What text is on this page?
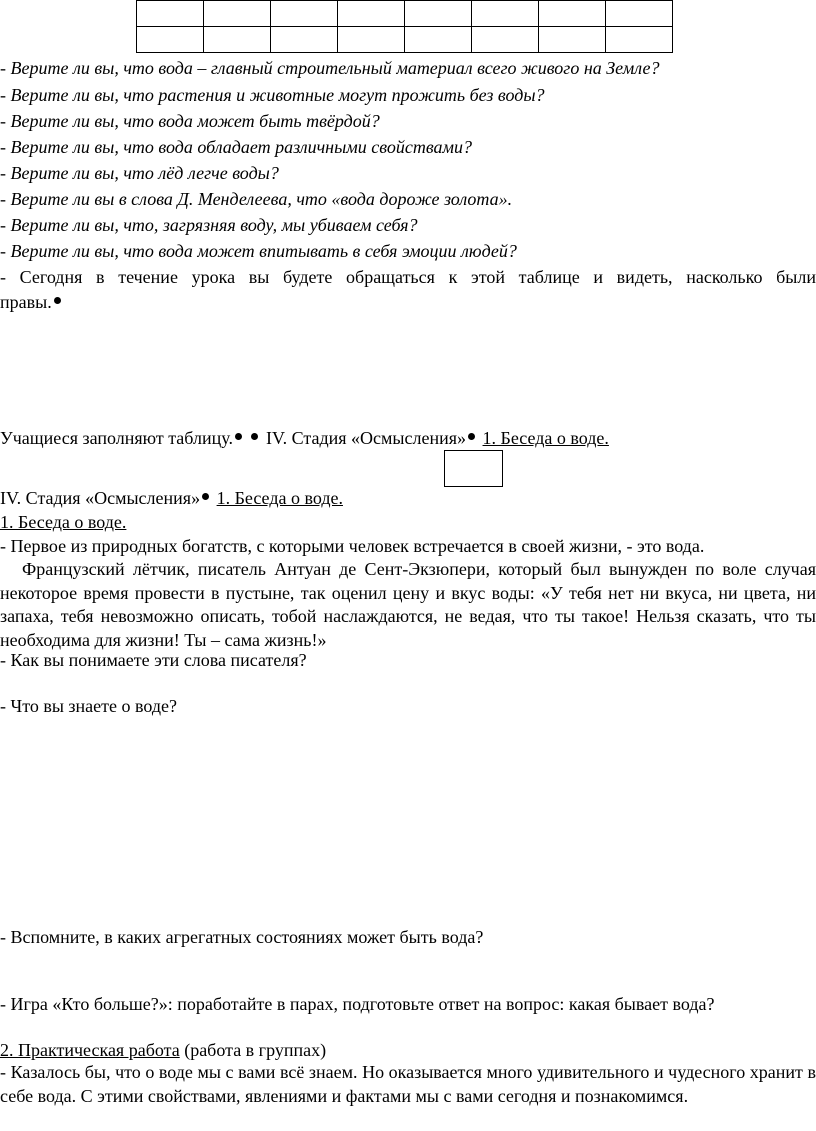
- Верите ли вы, что вода – главный строительный материал всего живого на Земле?
- Верите ли вы, что растения и животные могут прожить без воды?
- Верите ли вы, что вода может быть твёрдой?
- Верите ли вы, что вода обладает различными свойствами?
- Верите ли вы, что лёд легче воды?
- Верите ли вы в слова Д. Менделеева, что «вода дороже золота».
- Верите ли вы, что, загрязняя воду, мы убиваем себя?
- Верите ли вы, что вода может впитывать в себя эмоции людей?
- Сегодня в течение урока вы будете обращаться к этой таблице и видеть, насколько были
правы.
Учащиеся заполняют таблицу. IV. Стадия «Осмысления» 1. Беседа о воде.
IV. Стадия «Осмысления» 1. Беседа о воде.
1. Беседа о воде.
- Первое из природных богатств, с которыми человек встречается в своей жизни, - это вода.
Французский лётчик, писатель Антуан де Сент-Экзюпери, который был вынужден по воле случая некоторое время провести в пустыне, так оценил цену и вкус воды: «У тебя нет ни вкуса, ни цвета, ни запаха, тебя невозможно описать, тобой наслаждаются, не ведая, что ты такое! Нельзя сказать, что ты необходима для жизни! Ты – сама жизнь!»
- Как вы понимаете эти слова писателя?
- Что вы знаете о воде?
- Вспомните, в каких агрегатных состояниях может быть вода?
- Игра «Кто больше?»: поработайте в парах, подготовьте ответ на вопрос: какая бывает вода?
2. Практическая работа (работа в группах)
- Казалось бы, что о воде мы с вами всё знаем. Но оказывается много удивительного и чудесного хранит в себе вода. С этими свойствами, явлениями и фактами мы с вами сегодня и познакомимся.
